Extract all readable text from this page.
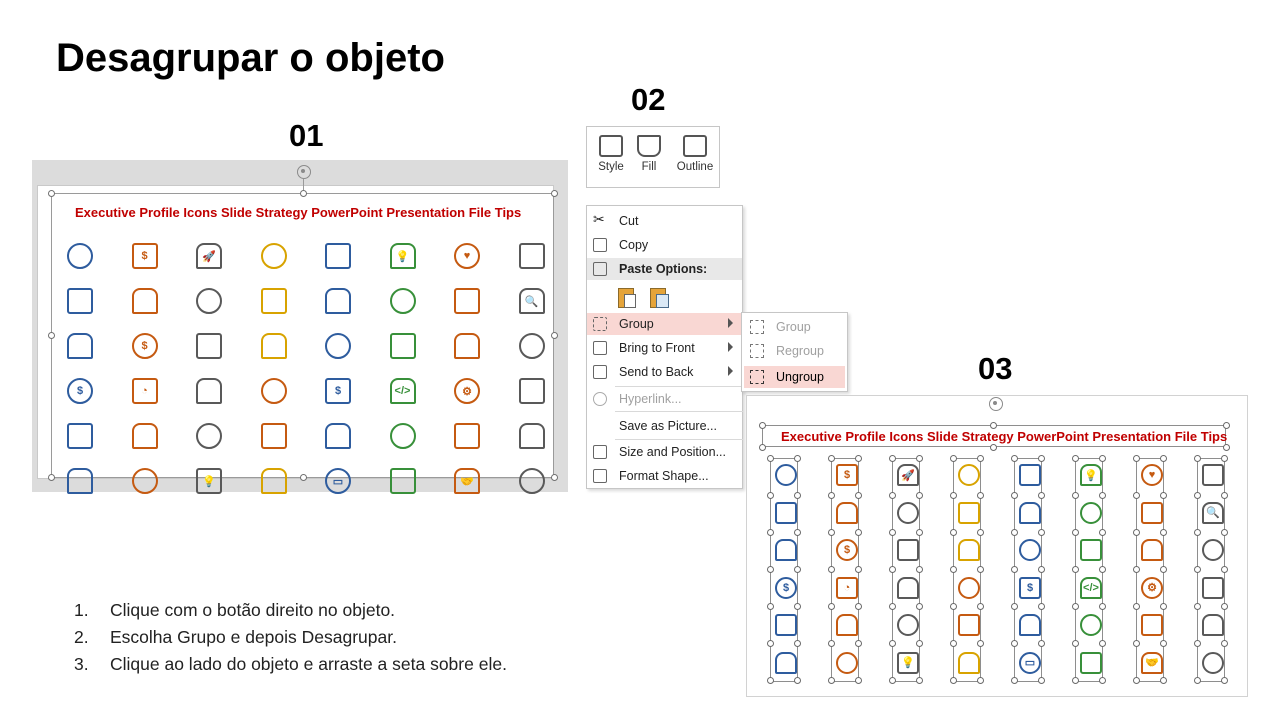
Desagrupar o objeto
01
02
03
Executive Profile Icons Slide Strategy PowerPoint Presentation File Tips
Style	Fill	Outline
✂ Cut
Copy
Paste Options:
Group
Bring to Front
Send to Back
Hyperlink...
Save as Picture...
Size and Position...
Format Shape...
Group
Regroup
Ungroup
Executive Profile Icons Slide Strategy PowerPoint Presentation File Tips
1. Clique com o botão direito no objeto.
2. Escolha Grupo e depois Desagrupar.
3. Clique ao lado do objeto e arraste a seta sobre ele.
$	🚀	💡	♥
🔍
$
$	◔	$	</>	⚙
💡	▭	🤝
$	🚀	💡	♥
🔍
$
$	◔	$	</>	⚙
💡	▭	🤝
